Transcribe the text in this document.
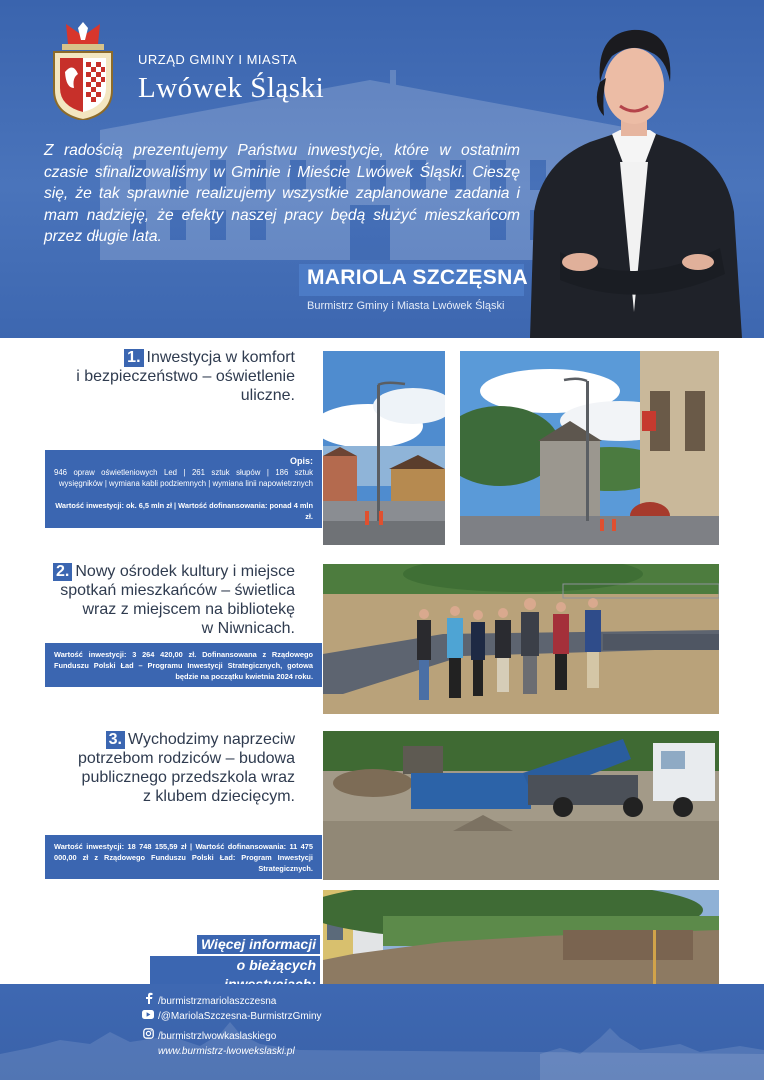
URZĄD GMINY I MIASTA
Lwówek Śląski
Z radością prezentujemy Państwu inwestycje, które w ostatnim czasie sfinalizowaliśmy w Gminie i Mieście Lwówek Śląski. Cieszę się, że tak sprawnie realizujemy wszystkie zaplanowane zadania i mam nadzieję, że efekty naszej pracy będą służyć mieszkańcom przez długie lata.
MARIOLA SZCZĘSNA
Burmistrz Gminy i Miasta Lwówek Śląski
1. Inwestycja w komfort
i bezpieczeństwo – oświetlenie
uliczne.
Opis:
946 opraw oświetleniowych Led | 261 sztuk słupów | 186 sztuk wysięgników | wymiana kabli podziemnych | wymiana linii napowietrznych
Wartość inwestycji: ok. 6,5 mln zł | Wartość dofinansowania: ponad 4 mln zł.
2. Nowy ośrodek kultury i miejsce
spotkań mieszkańców – świetlica
wraz z miejscem na bibliotekę
w Niwnicach.
Wartość inwestycji: 3 264 420,00 zł. Dofinansowana z Rządowego Funduszu Polski Ład – Programu Inwestycji Strategicznych, gotowa będzie na początku kwietnia 2024 roku.
3. Wychodzimy naprzeciw
potrzebom rodziców – budowa
publicznego przedszkola wraz
z klubem dziecięcym.
Wartość inwestycji: 18 748 155,59 zł | Wartość dofinansowania: 11 475 000,00 zł z Rządowego Funduszu Polski Ład: Program Inwestycji Strategicznych.
Więcej informacji
o bieżących
/burmistrzmariolaszczesna
/@MariolaSzczesna-BurmistrzGminy
/burmistrzlwowkaslaskiego
www.burmistrz-lwowekslaski.pl
